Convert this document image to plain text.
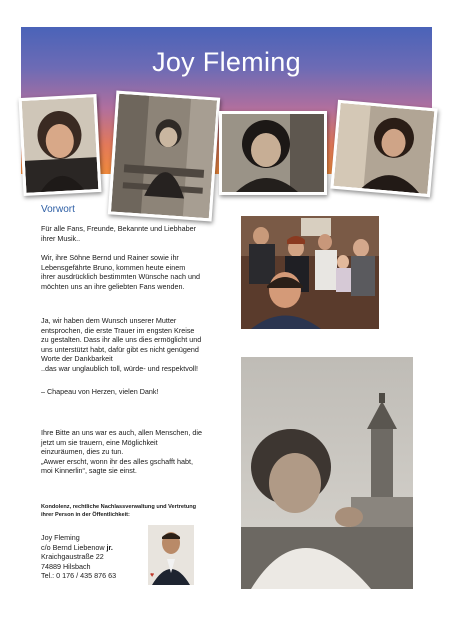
Joy Fleming
Vorwort
Für alle Fans, Freunde, Bekannte und Liebhaber
ihrer Musik..
Wir, ihre Söhne Bernd und Rainer sowie ihr
Lebensgefährte Bruno, kommen heute einem
ihrer ausdrücklich bestimmten Wünsche nach und
möchten uns an ihre geliebten Fans wenden.
Ja, wir haben dem Wunsch unserer Mutter
entsprochen, die erste Trauer im engsten Kreise
zu gestalten. Dass ihr alle uns dies ermöglicht und
uns unterstützt habt, dafür gibt es nicht genügend
Worte der Dankbarkeit
..das war unglaublich toll, würde- und respektvoll!
– Chapeau von Herzen, vielen Dank!
Ihre Bitte an uns war es auch, allen Menschen, die
jetzt um sie trauern, eine Möglichkeit
einzuräumen, dies zu tun.
„Awwer erscht, wonn ihr des alles gschafft habt,
moi Kinnerlin“, sagte sie einst.
Kondolenz, rechtliche Nachlassverwaltung und Vertretung
ihrer Person in der Öffentlichkeit:
Joy Fleming
c/o Bernd Liebenow jr.
Kraichgaustraße 22
74889 Hilsbach
Tel.: 0 176 / 435 876 63	♥
